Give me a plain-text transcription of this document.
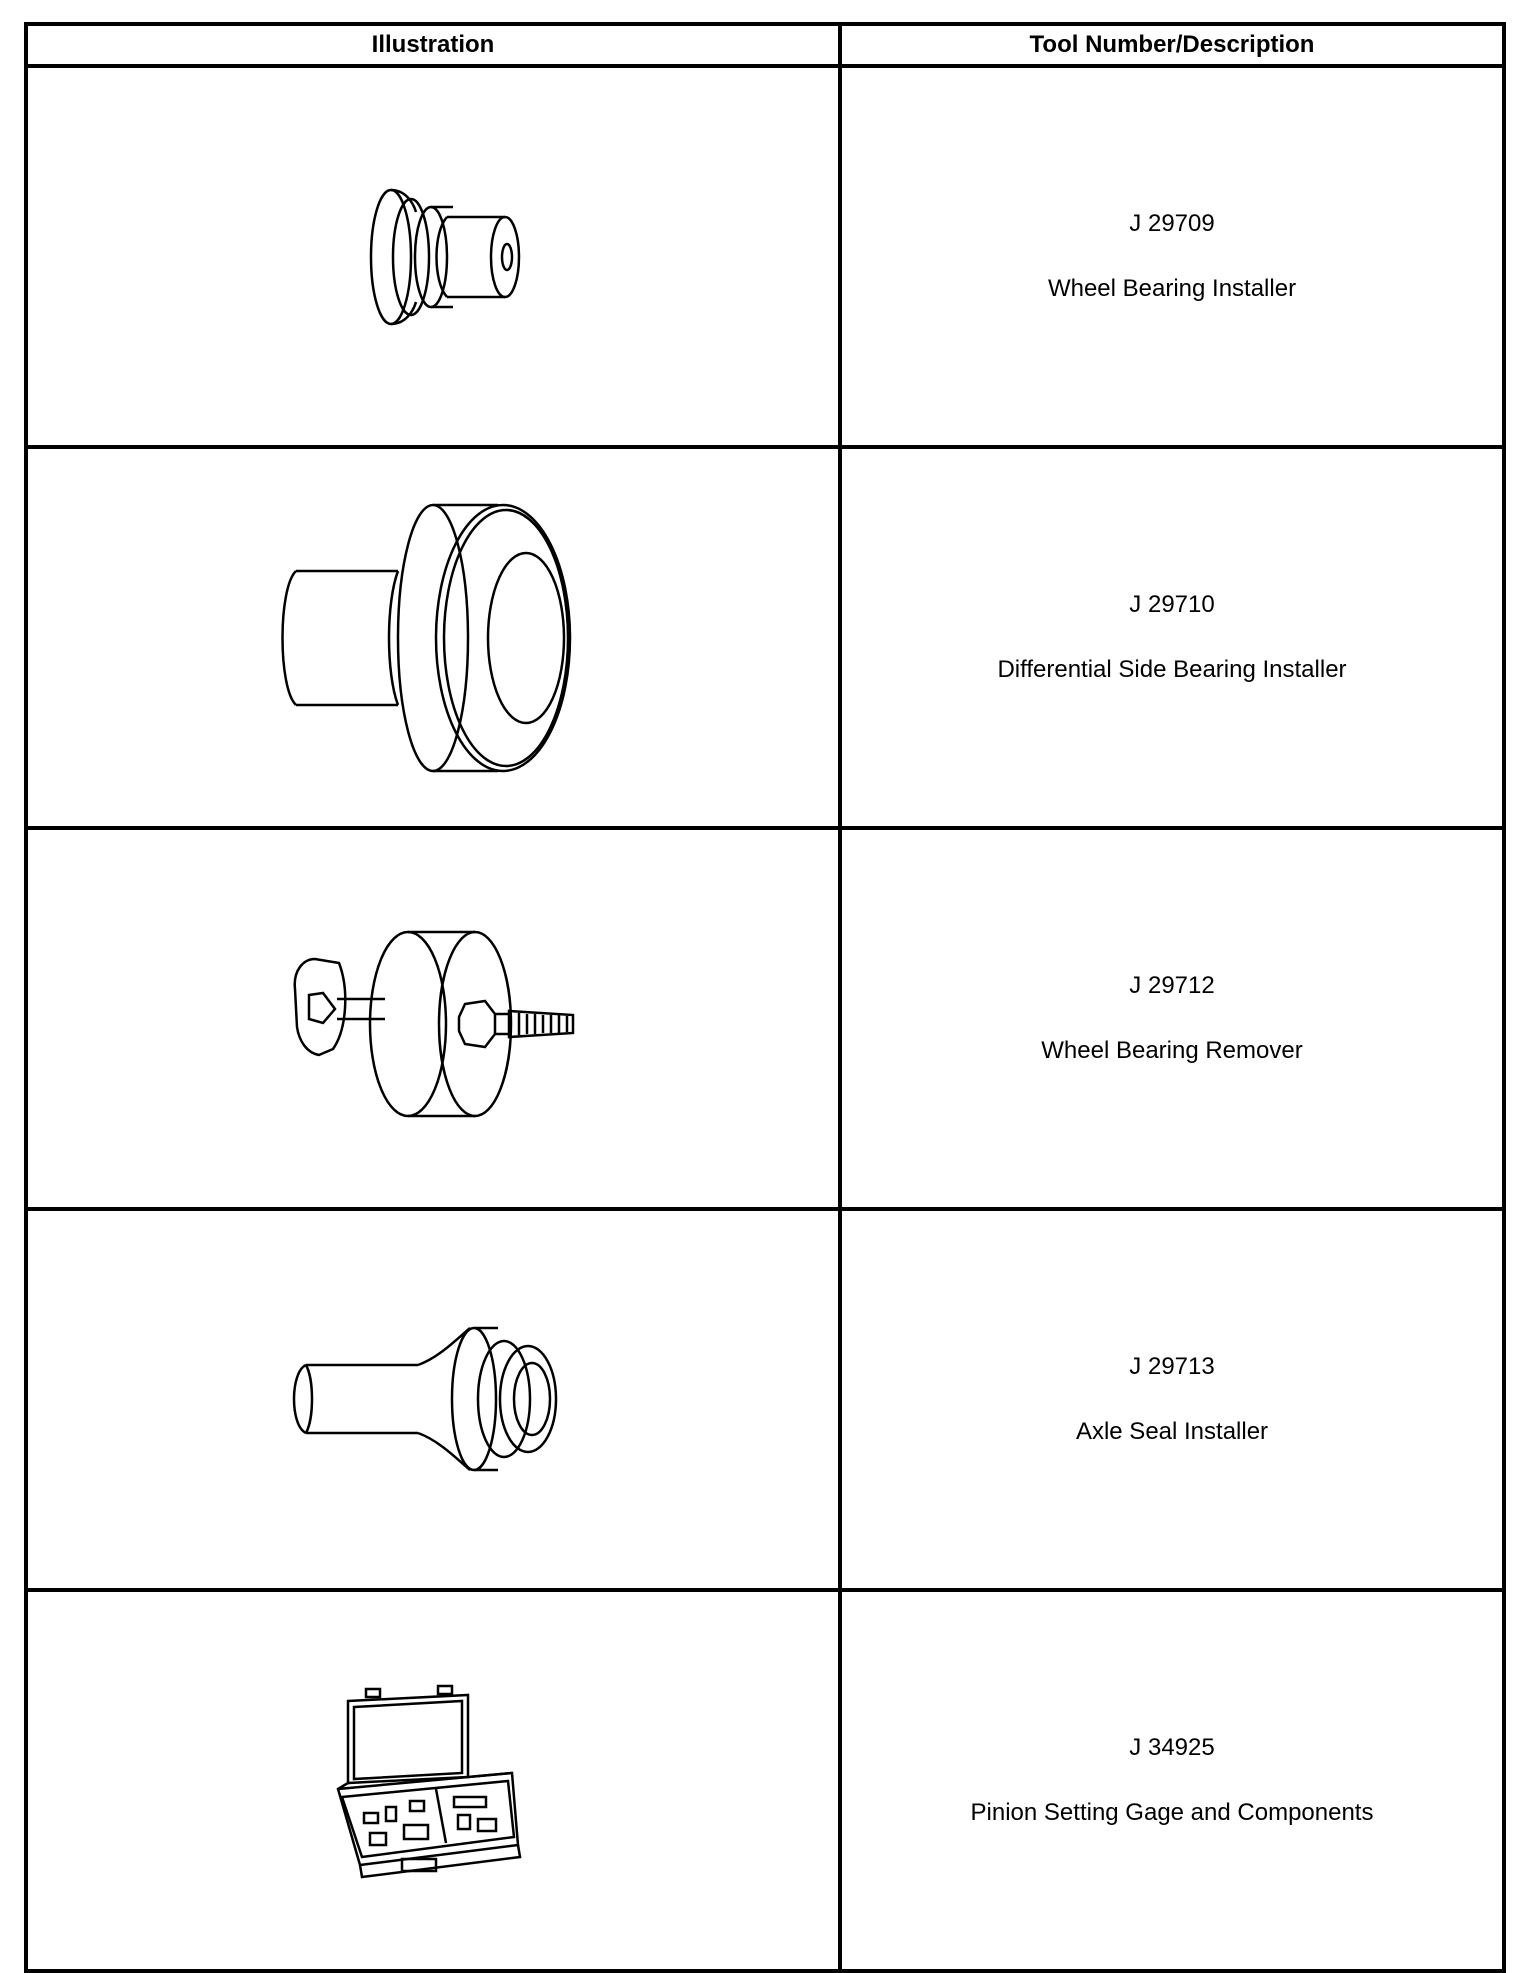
Illustration	Tool Number/Description

J 29709
Wheel Bearing Installer

J 29710
Differential Side Bearing Installer

J 29712
Wheel Bearing Remover

J 29713
Axle Seal Installer

J 34925
Pinion Setting Gage and Components
